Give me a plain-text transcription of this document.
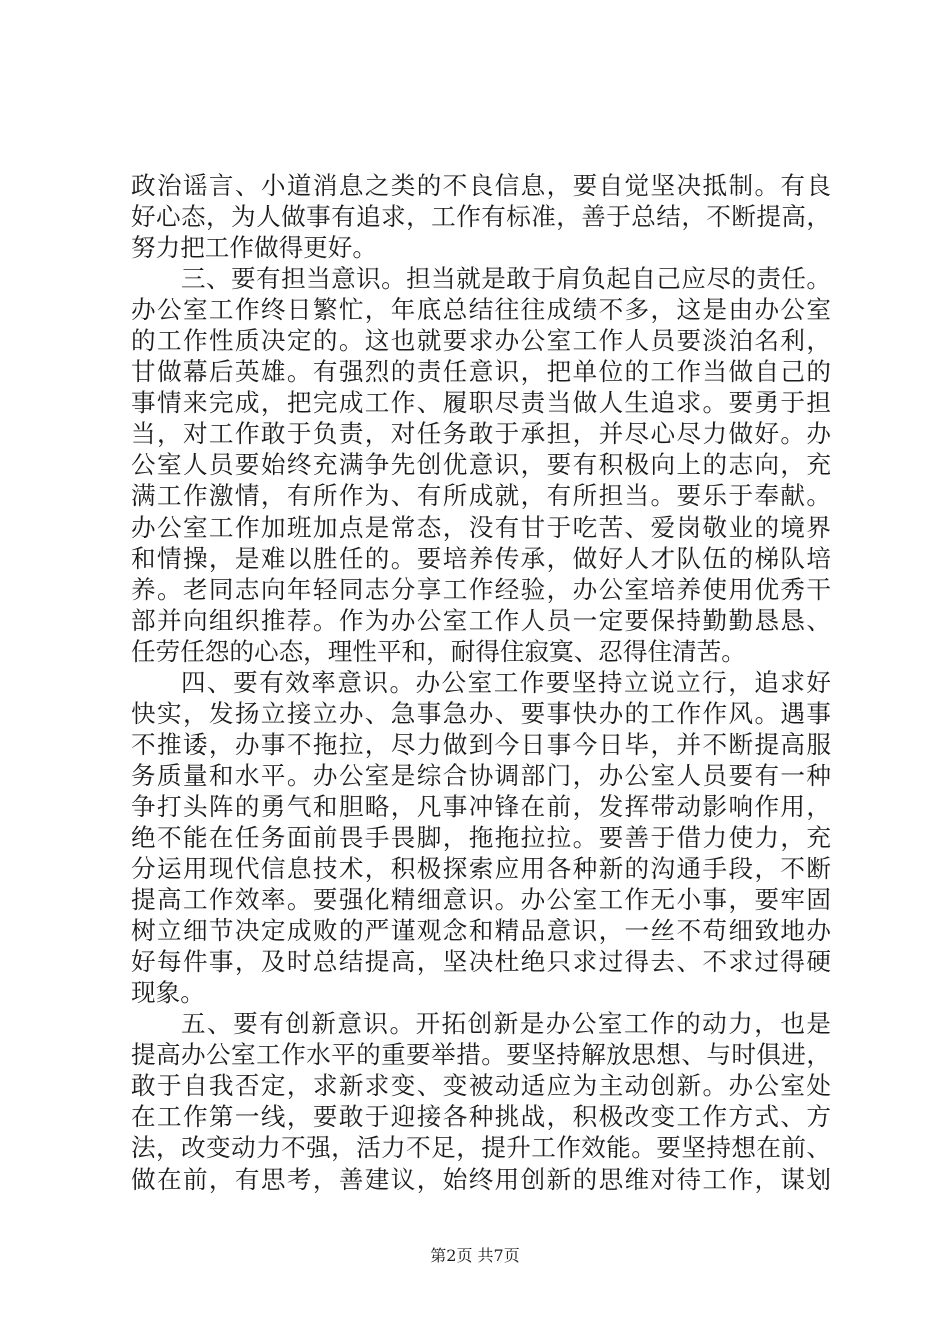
政治谣言、小道消息之类的不良信息，要自觉坚决抵制。有良
好心态，为人做事有追求，工作有标准，善于总结，不断提高，
努力把工作做得更好。
三、要有担当意识。担当就是敢于肩负起自己应尽的责任。
办公室工作终日繁忙，年底总结往往成绩不多，这是由办公室
的工作性质决定的。这也就要求办公室工作人员要淡泊名利，
甘做幕后英雄。有强烈的责任意识，把单位的工作当做自己的
事情来完成，把完成工作、履职尽责当做人生追求。要勇于担
当，对工作敢于负责，对任务敢于承担，并尽心尽力做好。办
公室人员要始终充满争先创优意识，要有积极向上的志向，充
满工作激情，有所作为、有所成就，有所担当。要乐于奉献。
办公室工作加班加点是常态，没有甘于吃苦、爱岗敬业的境界
和情操，是难以胜任的。要培养传承，做好人才队伍的梯队培
养。老同志向年轻同志分享工作经验，办公室培养使用优秀干
部并向组织推荐。作为办公室工作人员一定要保持勤勤恳恳、
任劳任怨的心态，理性平和，耐得住寂寞、忍得住清苦。
四、要有效率意识。办公室工作要坚持立说立行，追求好
快实，发扬立接立办、急事急办、要事快办的工作作风。遇事
不推诿，办事不拖拉，尽力做到今日事今日毕，并不断提高服
务质量和水平。办公室是综合协调部门，办公室人员要有一种
争打头阵的勇气和胆略，凡事冲锋在前，发挥带动影响作用，
绝不能在任务面前畏手畏脚，拖拖拉拉。要善于借力使力，充
分运用现代信息技术，积极探索应用各种新的沟通手段，不断
提高工作效率。要强化精细意识。办公室工作无小事，要牢固
树立细节决定成败的严谨观念和精品意识，一丝不苟细致地办
好每件事，及时总结提高，坚决杜绝只求过得去、不求过得硬
现象。
五、要有创新意识。开拓创新是办公室工作的动力，也是
提高办公室工作水平的重要举措。要坚持解放思想、与时俱进，
敢于自我否定，求新求变、变被动适应为主动创新。办公室处
在工作第一线，要敢于迎接各种挑战，积极改变工作方式、方
法，改变动力不强，活力不足，提升工作效能。要坚持想在前、
做在前，有思考，善建议，始终用创新的思维对待工作，谋划
第2页 共7页
